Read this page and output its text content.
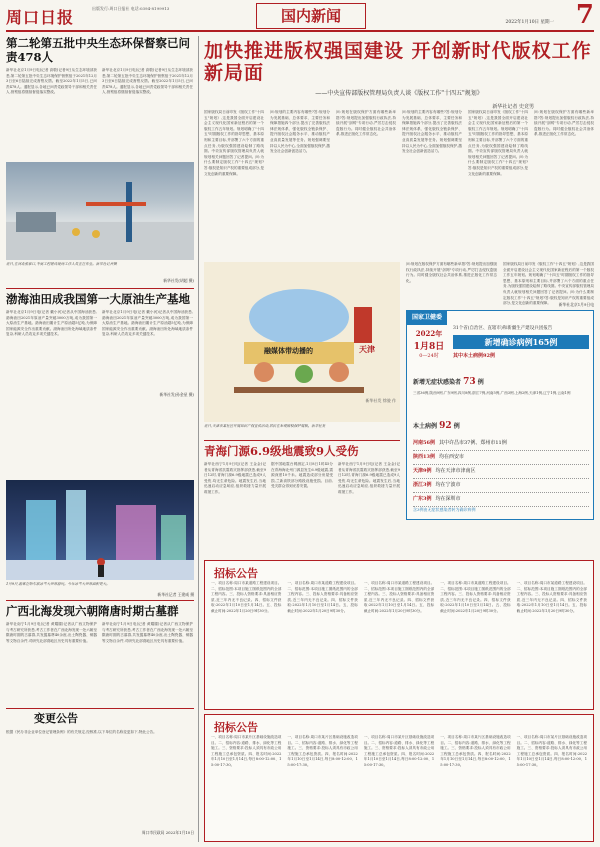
周口日报	出版发行:周口日报社 电话:0394-8199913	国内新闻	2022年1月10日 星期一 7
第二轮第五批中央生态环保督察已问责478人
新华社北京1月9日电(记者 高敬)记者9日从生态环境部获悉,第二轮第五批中央生态环境保护督察组于2021年12月3日至6日陆续完成督察反馈。截至2022年1月5日,已问责478人。通报显示,各地已问责党政领导干部和相关责任人,督察组将继续督促落实整改。
新华社北京1月9日电(记者 高敬)记者9日从生态环境部获悉,第二轮第五批中央生态环境保护督察组于2021年12月3日至6日陆续完成督察反馈。截至2022年1月5日,已问责478人。通报显示,各地已问责党政领导干部和相关责任人,督察组将继续督促落实整改。
近日,在河北张家口,冬奥工程建设现场工作人员正在作业。新华社记者摄
新华社发(胡超 摄)
渤海油田成我国第一大原油生产基地
新华社北京1月9日电(记者 戴小河)记者从中国海油获悉,渤海油田2021年原油产量突破3000万吨,成为我国第一大原油生产基地。渤海油田累计生产原油超5亿吨,为保障国家能源安全作出重要贡献。渤海油田所处海域地质条件复杂,科研人员攻克多项关键技术。
新华社北京1月9日电(记者 戴小河)记者从中国海油获悉,渤海油田2021年原油产量突破3000万吨,成为我国第一大原油生产基地。渤海油田累计生产原油超5亿吨,为保障国家能源安全作出重要贡献。渤海油田所处海域地质条件复杂,科研人员攻克多项关键技术。
新华社发(孙金星 摄)
1月9日,游客在哈尔滨冰雪大世界游玩。今年冰雪大世界面积更大。
新华社记者 王建威 摄
广西北海发现六朝隋唐时期古墓群
新华社南宁1月9日电(记者 黄耀滕)记者从广西文物保护与考古研究所获悉,考古工作者在广西北海发现一处六朝至隋唐时期的古墓群,共发掘墓葬40余座,出土陶瓷器、铜器等文物百余件,对研究北部湾地区历史具有重要价值。
新华社南宁1月9日电(记者 黄耀滕)记者从广西文物保护与考古研究所获悉,考古工作者在广西北海发现一处六朝至隋唐时期的古墓群,共发掘墓葬40余座,出土陶瓷器、铜器等文物百余件,对研究北部湾地区历史具有重要价值。
变更公告
根据《民办非企业单位登记管理条例》的有关规定,经核准,以下单位的名称变更如下,特此公告。
周口市民政局 2022年1月10日
加快推进版权强国建设 开创新时代版权工作新局面
——中央宣传部版权管理局负责人谈《版权工作"十四五"规划》
新华社记者 史竞男
国家版权局日前印发《版权工作"十四五"规划》,这是我国全面开启建设社会主义现代化国家新征程后的第一个版权工作五年规划。规划明确了"十四五"时期版权工作的指导思想、基本原则和主要目标,并部署了六个方面的重点任务,为版权强国建设绘制了路线图。中央宣传部版权管理局负责人就规划相关问题回答了记者提问。问:为什么要制定版权工作"十四五"规划?答:版权是知识产权的重要组成部分,是文化创新的重要保障。
问:规划的主要内容有哪些?答:规划分为发展基础、总体要求、主要任务和保障措施四个部分,提出了完善版权法律法规体系、强化版权全链条保护、提升版权社会服务水平、推动版权产业高质量发展等任务。规划强调要坚持以人民为中心,全面加强版权保护,激发全社会创新创造活力。
问:规划在版权保护方面有哪些新举措?答:规划提出加强版权行政执法,持续开展"剑网"专项行动,严厉打击侵权盗版行为。同时健全版权社会共治体系,推进正版化工作常态化。
问:规划的主要内容有哪些?答:规划分为发展基础、总体要求、主要任务和保障措施四个部分,提出了完善版权法律法规体系、强化版权全链条保护、提升版权社会服务水平、推动版权产业高质量发展等任务。规划强调要坚持以人民为中心,全面加强版权保护,激发全社会创新创造活力。
国家版权局日前印发《版权工作"十四五"规划》,这是我国全面开启建设社会主义现代化国家新征程后的第一个版权工作五年规划。规划明确了"十四五"时期版权工作的指导思想、基本原则和主要目标,并部署了六个方面的重点任务,为版权强国建设绘制了路线图。中央宣传部版权管理局负责人就规划相关问题回答了记者提问。问:为什么要制定版权工作"十四五"规划?答:版权是知识产权的重要组成部分,是文化创新的重要保障。
问:规划在版权保护方面有哪些新举措?答:规划提出加强版权行政执法,持续开展"剑网"专项行动,严厉打击侵权盗版行为。同时健全版权社会共治体系,推进正版化工作常态化。
融媒体带动播的	天津
新华社发 徐骏 作
近日,天津市某社区开展知识产权宣传活动,居民在参观版权保护展板。新华社发
问:规划在版权保护方面有哪些新举措?答:规划提出加强版权行政执法,持续开展"剑网"专项行动,严厉打击侵权盗版行为。同时健全版权社会共治体系,推进正版化工作常态化。
国家版权局日前印发《版权工作"十四五"规划》,这是我国全面开启建设社会主义现代化国家新征程后的第一个版权工作五年规划。规划明确了"十四五"时期版权工作的指导思想、基本原则和主要目标,并部署了六个方面的重点任务,为版权强国建设绘制了路线图。中央宣传部版权管理局负责人就规划相关问题回答了记者提问。问:为什么要制定版权工作"十四五"规划?答:版权是知识产权的重要组成部分,是文化创新的重要保障。	新华社北京1月9日电
国家卫健委
2022年
1月8日
0—24时
31个省(自治区、直辖市)和新疆生产建设兵团报告
新增确诊病例165例
其中本土病例92例
新增无症状感染者 73 例
三省36例,陕西9例,广东9例,四川8例,浙江7例,河南5例,广西3例,上海2例,天津1例,辽宁1例,云南1例
本土病例 92 例
河南56例 其中许昌市37例、郑州市11例
陕西13例 均在西安市
天津9例 均在天津市津南区
浙江3例 均在宁波市
广东3例 均在深圳市
含3例由无症状感染者转为确诊病例
青海门源6.9级地震致9人受伤
新华社西宁1月9日电(记者 王金金)记者从青海省抗震救灾指挥部获悉,截至9日12时,青海门源6.9级地震已造成9人受伤,均无生命危险。地震发生后,当地迅速启动应急响应,组织救援力量开展救援工作。
据中国地震台网测定,1月8日1时45分在青海海北州门源县发生6.9级地震,震源深度10千米。地震造成部分房屋受损,兰新高铁部分路段设施受损。目前,受灾群众得到妥善安置。
新华社西宁1月9日电(记者 王金金)记者从青海省抗震救灾指挥部获悉,截至9日12时,青海门源6.9级地震已造成9人受伤,均无生命危险。地震发生后,当地迅速启动应急响应,组织救援力量开展救援工作。
招标公告
一、项目名称:周口市某道路工程建设项目。二、招标范围:本项目施工图纸范围内的全部工程内容。三、投标人资格要求:具备相应资质,近三年内无不良记录。四、招标文件获取:2022年1月10日至1月14日。五、投标截止时间:2022年1月20日9时30分。
一、项目名称:周口市某道路工程建设项目。二、招标范围:本项目施工图纸范围内的全部工程内容。三、投标人资格要求:具备相应资质,近三年内无不良记录。四、招标文件获取:2022年1月10日至1月14日。五、投标截止时间:2022年1月20日9时30分。
一、项目名称:周口市某道路工程建设项目。二、招标范围:本项目施工图纸范围内的全部工程内容。三、投标人资格要求:具备相应资质,近三年内无不良记录。四、招标文件获取:2022年1月10日至1月14日。五、投标截止时间:2022年1月20日9时30分。
一、项目名称:周口市某道路工程建设项目。二、招标范围:本项目施工图纸范围内的全部工程内容。三、投标人资格要求:具备相应资质,近三年内无不良记录。四、招标文件获取:2022年1月10日至1月14日。五、投标截止时间:2022年1月20日9时30分。
一、项目名称:周口市某道路工程建设项目。二、招标范围:本项目施工图纸范围内的全部工程内容。三、投标人资格要求:具备相应资质,近三年内无不良记录。四、招标文件获取:2022年1月10日至1月14日。五、投标截止时间:2022年1月20日9时30分。
招标公告
一、项目名称:周口市某片区基础设施改造项目。二、招标内容:道路、排水、绿化等工程施工。三、资格要求:投标人须具有市政公用工程施工总承包资质。四、报名时间:2022年1月10日至1月14日,每日8:00-12:00、15:00-17:30。
一、项目名称:周口市某片区基础设施改造项目。二、招标内容:道路、排水、绿化等工程施工。三、资格要求:投标人须具有市政公用工程施工总承包资质。四、报名时间:2022年1月10日至1月14日,每日8:00-12:00、15:00-17:30。
一、项目名称:周口市某片区基础设施改造项目。二、招标内容:道路、排水、绿化等工程施工。三、资格要求:投标人须具有市政公用工程施工总承包资质。四、报名时间:2022年1月10日至1月14日,每日8:00-12:00、15:00-17:30。
一、项目名称:周口市某片区基础设施改造项目。二、招标内容:道路、排水、绿化等工程施工。三、资格要求:投标人须具有市政公用工程施工总承包资质。四、报名时间:2022年1月10日至1月14日,每日8:00-12:00、15:00-17:30。
一、项目名称:周口市某片区基础设施改造项目。二、招标内容:道路、排水、绿化等工程施工。三、资格要求:投标人须具有市政公用工程施工总承包资质。四、报名时间:2022年1月10日至1月14日,每日8:00-12:00、15:00-17:30。
